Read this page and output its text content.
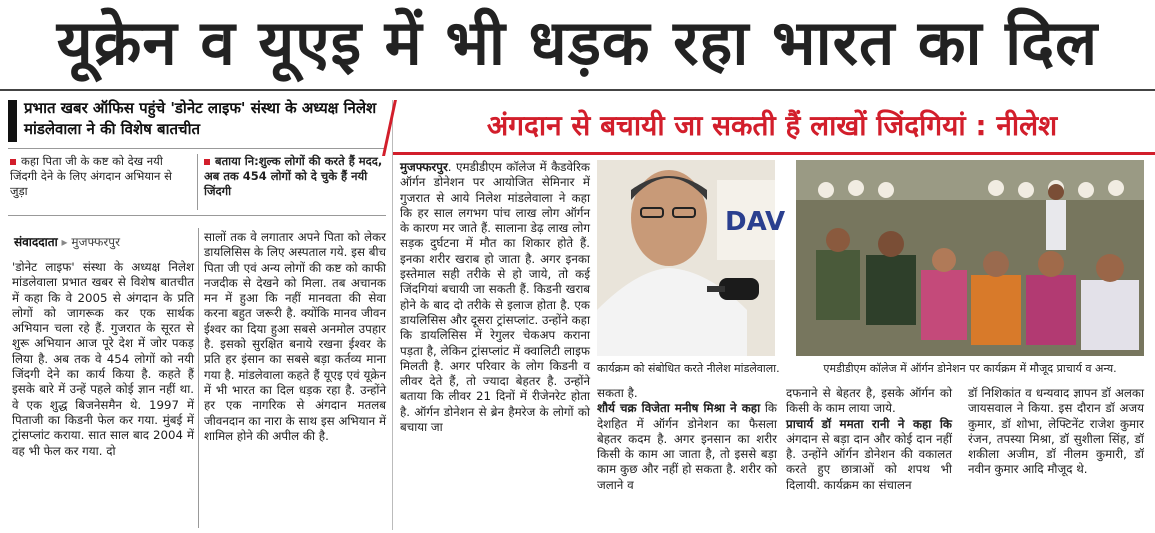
यूक्रेन व यूएइ में भी धड़क रहा भारत का दिल
प्रभात खबर ऑफिस पहुंचे 'डोनेट लाइफ' संस्था के अध्यक्ष निलेश मांडलेवाला ने की विशेष बातचीत
कहा पिता जी के कष्ट को देख नयी जिंदगी देने के लिए अंगदान अभियान से जुड़ा
बताया नि:शुल्क लोगों की करते हैं मदद, अब तक 454 लोगों को दे चुके हैं नयी जिंदगी
संवाददाता ▸ मुजफ्फरपुर
'डोनेट लाइफ' संस्था के अध्यक्ष निलेश मांडलेवाला प्रभात खबर से विशेष बातचीत में कहा कि वे 2005 से अंगदान के प्रति लोगों को जागरूक कर एक सार्थक अभियान चला रहे हैं. गुजरात के सूरत से शुरू अभियान आज पूरे देश में जोर पकड़ लिया है. अब तक वे 454 लोगों को नयी जिंदगी देने का कार्य किया है. कहते हैं इसके बारे में उन्हें पहले कोई ज्ञान नहीं था. वे एक शुद्ध बिजनेसमैन थे. 1997 में पिताजी का किडनी फेल कर गया. मुंबई में ट्रांसप्लांट कराया. सात साल बाद 2004 में वह भी फेल कर गया. दो
सालों तक वे लगातार अपने पिता को लेकर डायलिसिस के लिए अस्पताल गये. इस बीच पिता जी एवं अन्य लोगों की कष्ट को काफी नजदीक से देखने को मिला. तब अचानक मन में हुआ कि नहीं मानवता की सेवा करना बहुत जरूरी है. क्योंकि मानव जीवन ईश्वर का दिया हुआ सबसे अनमोल उपहार है. इसको सुरक्षित बनाये रखना ईश्वर के प्रति हर इंसान का सबसे बड़ा कर्तव्य माना गया है. मांडलेवाला कहते हैं यूएइ एवं यूक्रेन में भी भारत का दिल धड़क रहा है. उन्होंने हर एक नागरिक से अंगदान मतलब जीवनदान का नारा के साथ इस अभियान में शामिल होने की अपील की है.
अंगदान से बचायी जा सकती हैं लाखों जिंदगियां : नीलेश
मुजफ्फरपुर. एमडीडीएम कॉलेज में कैडवेरिक ऑर्गन डोनेशन पर आयोजित सेमिनार में गुजरात से आये निलेश मांडलेवाला ने कहा कि हर साल लगभग पांच लाख लोग ऑर्गन के कारण मर जाते हैं. सालाना डेढ़ लाख लोग सड़क दुर्घटना में मौत का शिकार होते हैं. इनका शरीर खराब हो जाता है. अगर इनका इस्तेमाल सही तरीके से हो जाये, तो कई जिंदगियां बचायी जा सकती हैं. किडनी खराब होने के बाद दो तरीके से इलाज होता है. एक डायलिसिस और दूसरा ट्रांसप्लांट. उन्होंने कहा कि डायलिसिस में रेगुलर चेकअप कराना पड़ता है, लेकिन ट्रांसप्लांट में क्वालिटी लाइफ मिलती है. अगर परिवार के लोग किडनी व लीवर देते हैं, तो ज्यादा बेहतर है. उन्होंने बताया कि लीवर 21 दिनों में रीजेनरेट होता है. ऑर्गन डोनेशन से ब्रेन हैमरेज के लोगों को बचाया जा
DAV
कार्यक्रम को संबोधित करते नीलेश मांडलेवाला.	एमडीडीएम कॉलेज में ऑर्गन डोनेशन पर कार्यक्रम में मौजूद प्राचार्य व अन्य.
सकता है.
शौर्य चक्र विजेता मनीष मिश्रा ने कहा कि देशहित में ऑर्गन डोनेशन का फैसला बेहतर कदम है. अगर इनसान का शरीर किसी के काम आ जाता है, तो इससे बड़ा काम कुछ और नहीं हो सकता है. शरीर को जलाने व
दफनाने से बेहतर है, इसके ऑर्गन को किसी के काम लाया जाये.
प्राचार्य डॉ ममता रानी ने कहा कि अंगदान से बड़ा दान और कोई दान नहीं है. उन्होंने ऑर्गन डोनेशन की वकालत करते हुए छात्राओं को शपथ भी दिलायी. कार्यक्रम का संचालन
डॉ निशिकांत व धन्यवाद ज्ञापन डॉ अलका जायसवाल ने किया. इस दौरान डॉ अजय कुमार, डॉ शोभा, लेफ्टिनेंट राजेश कुमार रंजन, तपस्या मिश्रा, डॉ सुशीला सिंह, डॉ शकीला अजीम, डॉ नीलम कुमारी, डॉ नवीन कुमार आदि मौजूद थे.
